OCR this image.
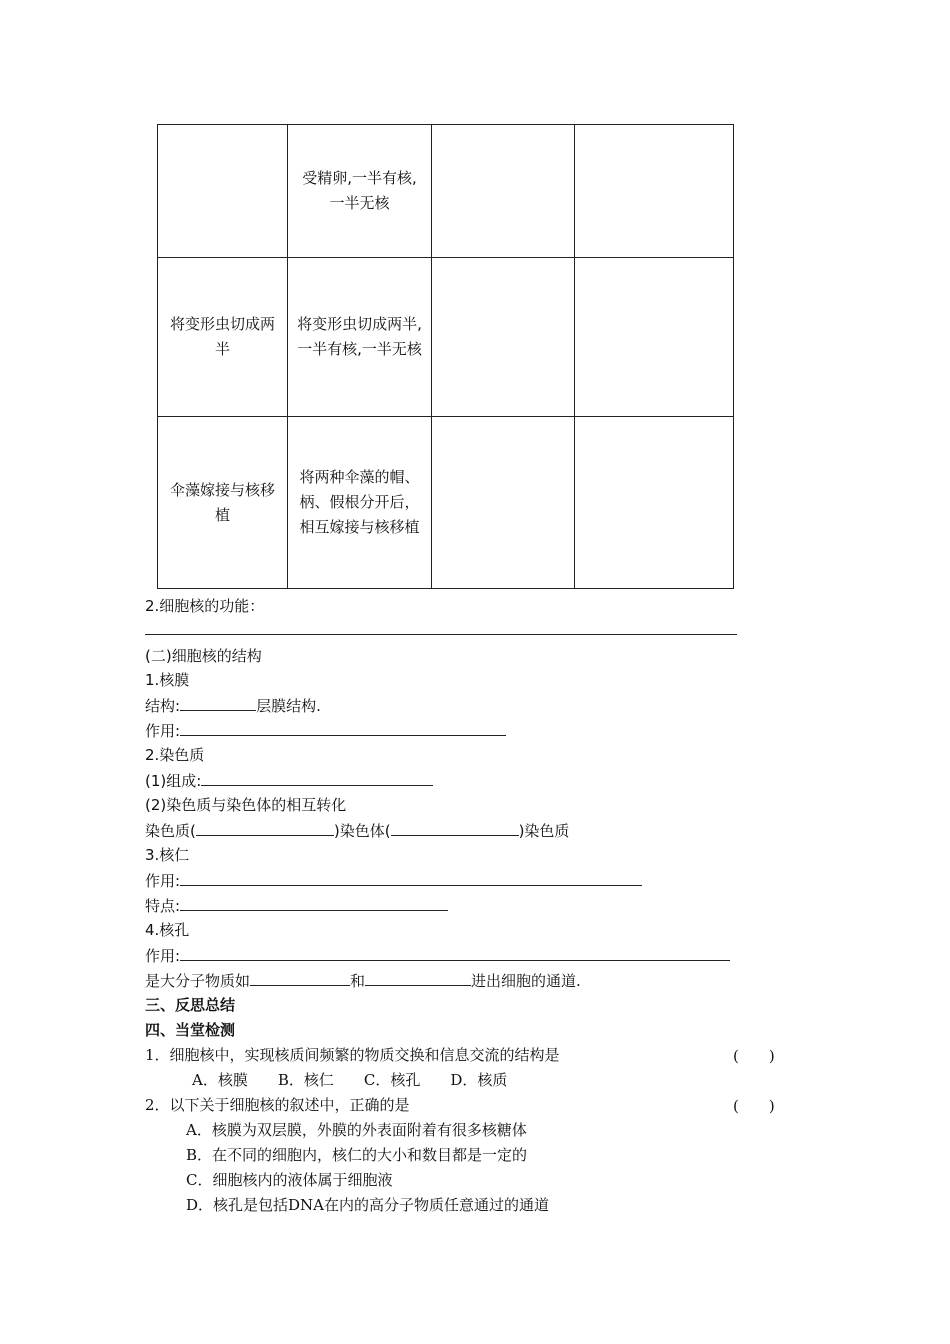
	受精卵,一半有核,一半无核		
将变形虫切成两半	将变形虫切成两半,一半有核,一半无核		
伞藻嫁接与核移植	将两种伞藻的帽、柄、假根分开后，相互嫁接与核移植		
2.细胞核的功能：
(二)细胞核的结构
1.核膜
结构:	层膜结构.
作用:
2.染色质
(1)组成:
(2)染色质与染色体的相互转化
染色质(	)染色体(	)染色质
3.核仁
作用:
特点:
4.核孔
作用:
是大分子物质如	和	进出细胞的通道.
三、反思总结
四、当堂检测
1．细胞核中，实现核质间频繁的物质交换和信息交流的结构是	(　　)
A．核膜　　B．核仁　　C．核孔　　D．核质
2．以下关于细胞核的叙述中，正确的是	(　　)
A．核膜为双层膜，外膜的外表面附着有很多核糖体
B．在不同的细胞内，核仁的大小和数目都是一定的
C．细胞核内的液体属于细胞液
D．核孔是包括DNA在内的高分子物质任意通过的通道
